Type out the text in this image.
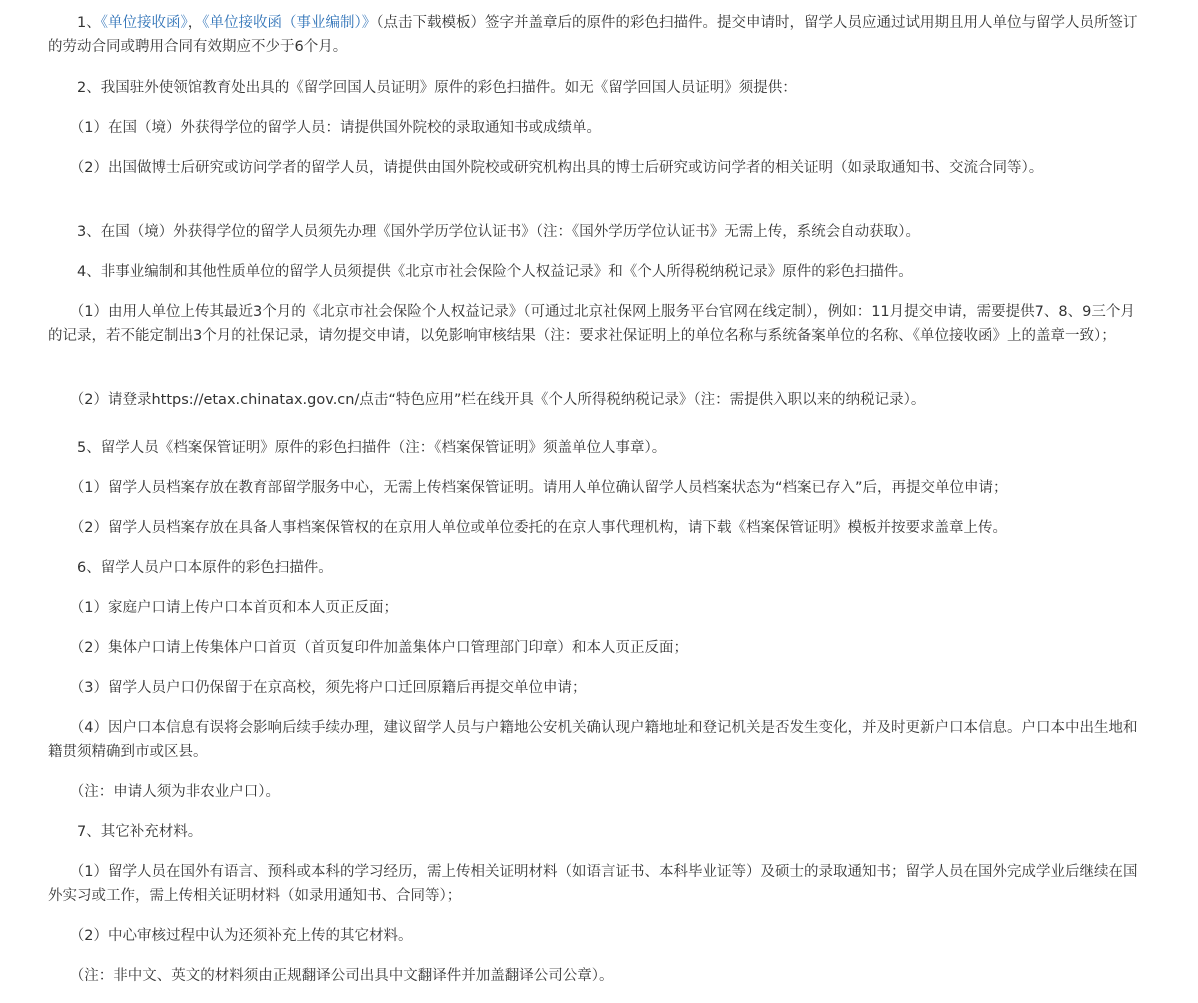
　　1、《单位接收函》，《单位接收函（事业编制）》（点击下载模板）签字并盖章后的原件的彩色扫描件。提交申请时，留学人员应通过试用期且用人单位与留学人员所签订的劳动合同或聘用合同有效期应不少于6个月。

　　2、我国驻外使领馆教育处出具的《留学回国人员证明》原件的彩色扫描件。如无《留学回国人员证明》须提供：

　　（1）在国（境）外获得学位的留学人员：请提供国外院校的录取通知书或成绩单。

　　（2）出国做博士后研究或访问学者的留学人员，请提供由国外院校或研究机构出具的博士后研究或访问学者的相关证明（如录取通知书、交流合同等）。

　　3、在国（境）外获得学位的留学人员须先办理《国外学历学位认证书》（注：《国外学历学位认证书》无需上传，系统会自动获取）。

　　4、非事业编制和其他性质单位的留学人员须提供《北京市社会保险个人权益记录》和《个人所得税纳税记录》原件的彩色扫描件。

　　（1）由用人单位上传其最近3个月的《北京市社会保险个人权益记录》（可通过北京社保网上服务平台官网在线定制），例如：11月提交申请，需要提供7、8、9三个月的记录，若不能定制出3个月的社保记录，请勿提交申请，以免影响审核结果（注：要求社保证明上的单位名称与系统备案单位的名称、《单位接收函》上的盖章一致）；

　　（2）请登录https://etax.chinatax.gov.cn/点击“特色应用”栏在线开具《个人所得税纳税记录》（注：需提供入职以来的纳税记录）。

　　5、留学人员《档案保管证明》原件的彩色扫描件（注：《档案保管证明》须盖单位人事章）。

　　（1）留学人员档案存放在教育部留学服务中心，无需上传档案保管证明。请用人单位确认留学人员档案状态为“档案已存入”后，再提交单位申请；

　　（2）留学人员档案存放在具备人事档案保管权的在京用人单位或单位委托的在京人事代理机构，请下载《档案保管证明》模板并按要求盖章上传。

　　6、留学人员户口本原件的彩色扫描件。

　　（1）家庭户口请上传户口本首页和本人页正反面；

　　（2）集体户口请上传集体户口首页（首页复印件加盖集体户口管理部门印章）和本人页正反面；

　　（3）留学人员户口仍保留于在京高校，须先将户口迁回原籍后再提交单位申请；

　　（4）因户口本信息有误将会影响后续手续办理，建议留学人员与户籍地公安机关确认现户籍地址和登记机关是否发生变化，并及时更新户口本信息。户口本中出生地和籍贯须精确到市或区县。

　　（注：申请人须为非农业户口）。

　　7、其它补充材料。

　　（1）留学人员在国外有语言、预科或本科的学习经历，需上传相关证明材料（如语言证书、本科毕业证等）及硕士的录取通知书；留学人员在国外完成学业后继续在国外实习或工作，需上传相关证明材料（如录用通知书、合同等）；

　　（2）中心审核过程中认为还须补充上传的其它材料。

　　（注：非中文、英文的材料须由正规翻译公司出具中文翻译件并加盖翻译公司公章）。
